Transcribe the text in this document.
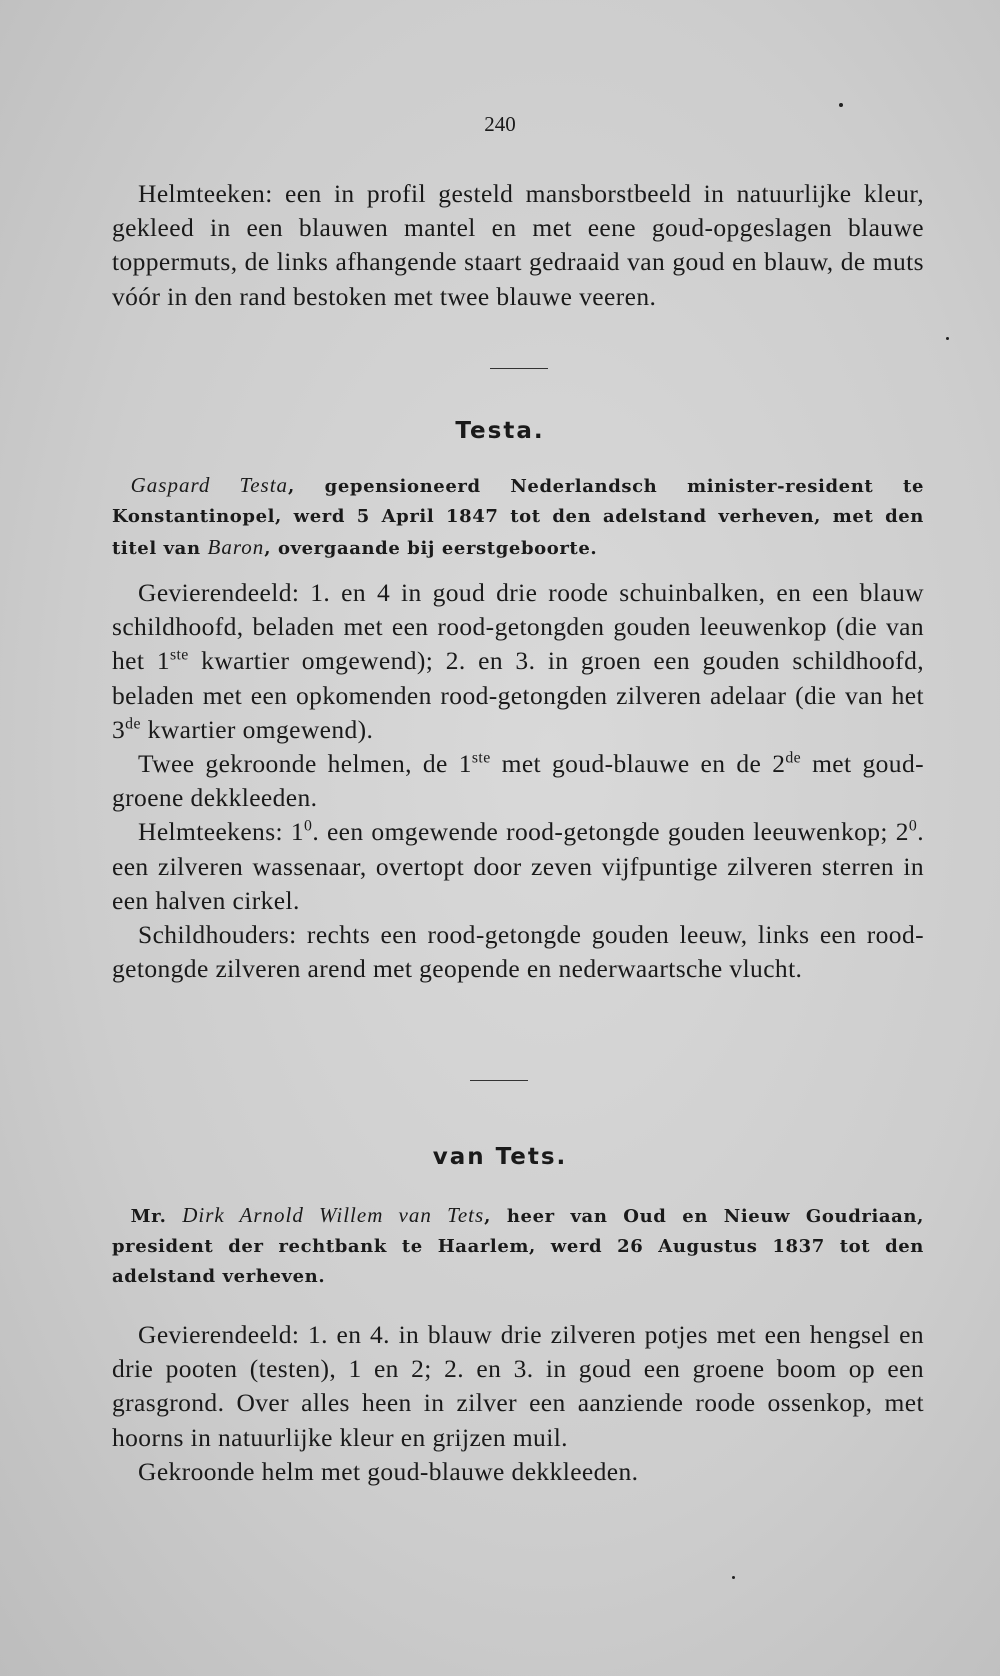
240

Helmteeken: een in profil gesteld mansborstbeeld in natuurlijke kleur, gekleed in een blauwen mantel en met eene goud-opgeslagen blauwe toppermuts, de links afhangende staart gedraaid van goud en blauw, de muts vóór in den rand bestoken met twee blauwe veeren.

Testa.

 Gaspard Testa, gepensioneerd Nederlandsch minister-resident te Konstantinopel, werd 5 April 1847 tot den adelstand verheven, met den titel van Baron, overgaande bij eerstgeboorte.

Gevierendeeld: 1. en 4 in goud drie roode schuinbalken, en een blauw schildhoofd, beladen met een rood-getongden gouden leeuwenkop (die van het 1ste kwartier omgewend); 2. en 3. in groen een gouden schildhoofd, beladen met een opkomenden rood-getongden zilveren adelaar (die van het 3de kwartier omgewend).

Twee gekroonde helmen, de 1ste met goud-blauwe en de 2de met goud-groene dekkleeden.

Helmteekens: $1^0$. een omgewende rood-getongde gouden leeuwenkop; $2^0$. een zilveren wassenaar, overtopt door zeven vijfpuntige zilveren sterren in een halven cirkel.

Schildhouders: rechts een rood-getongde gouden leeuw, links een rood-getongde zilveren arend met geopende en nederwaartsche vlucht.

van Tets.

 Mr. Dirk Arnold Willem van Tets, heer van Oud en Nieuw Goudriaan, president der rechtbank te Haarlem, werd 26 Augustus 1837 tot den adelstand verheven.

Gevierendeeld: 1. en 4. in blauw drie zilveren potjes met een hengsel en drie pooten (testen), 1 en 2; 2. en 3. in goud een groene boom op een grasgrond. Over alles heen in zilver een aanziende roode ossenkop, met hoorns in natuurlijke kleur en grijzen muil.

Gekroonde helm met goud-blauwe dekkleeden.
